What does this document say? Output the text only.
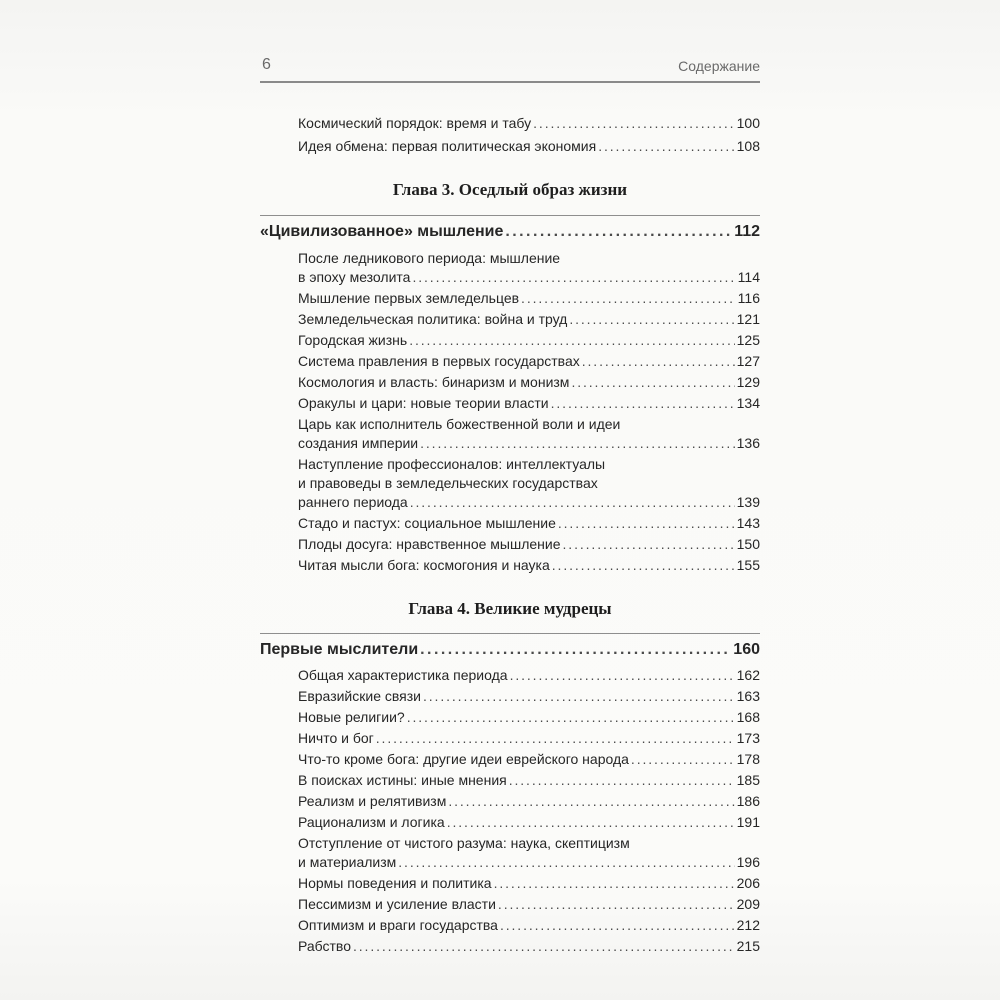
6	Содержание
Космический порядок: время и табу . . .	100
Идея обмена: первая политическая экономия . . .	108
Глава 3. Оседлый образ жизни
«Цивилизованное» мышление . . .	112
После ледникового периода: мышление
в эпоху мезолита . . .	114
Мышление первых земледельцев . . .	116
Земледельческая политика: война и труд . . .	121
Городская жизнь . . .	125
Система правления в первых государствах . . .	127
Космология и власть: бинаризм и монизм . . .	129
Оракулы и цари: новые теории власти . . .	134
Царь как исполнитель божественной воли и идеи
создания империи . . .	136
Наступление профессионалов: интеллектуалы
и правоведы в земледельческих государствах
раннего периода . . .	139
Стадо и пастух: социальное мышление . . .	143
Плоды досуга: нравственное мышление . . .	150
Читая мысли бога: космогония и наука . . .	155
Глава 4. Великие мудрецы
Первые мыслители . . .	160
Общая характеристика периода . . .	162
Евразийские связи . . .	163
Новые религии? . . .	168
Ничто и бог . . .	173
Что-то кроме бога: другие идеи еврейского народа . . .	178
В поисках истины: иные мнения . . .	185
Реализм и релятивизм . . .	186
Рационализм и логика . . .	191
Отступление от чистого разума: наука, скептицизм
и материализм . . .	196
Нормы поведения и политика . . .	206
Пессимизм и усиление власти . . .	209
Оптимизм и враги государства . . .	212
Рабство . . .	215
